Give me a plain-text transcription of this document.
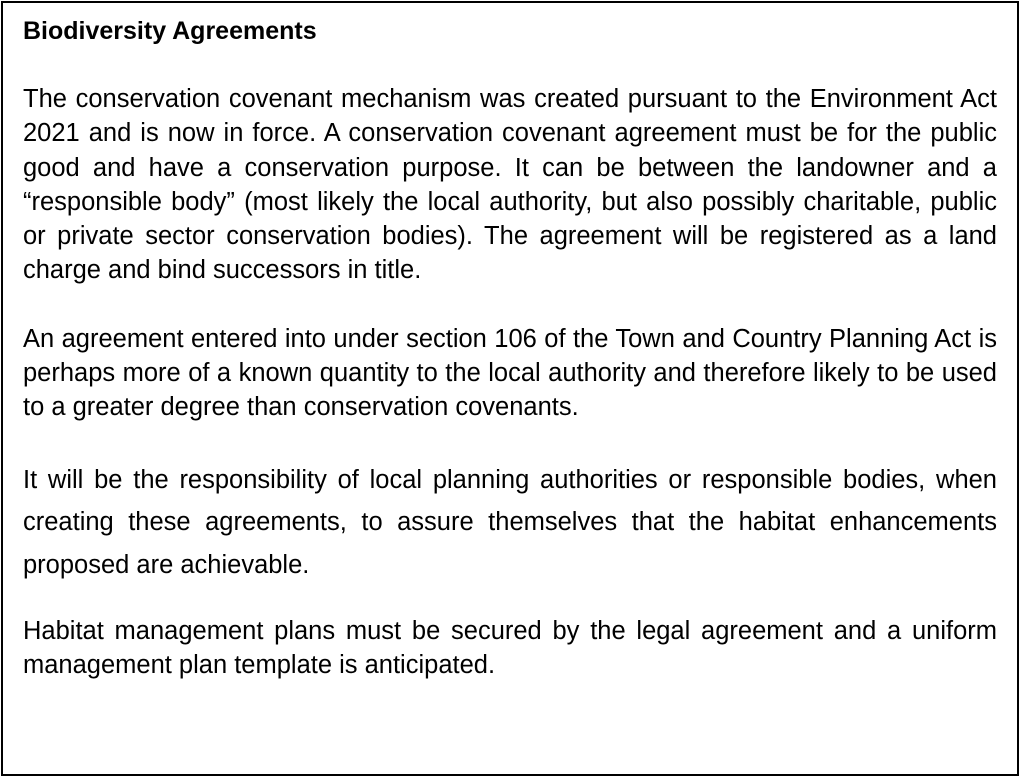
Biodiversity Agreements

The conservation covenant mechanism was created pursuant to the Environment Act 2021 and is now in force. A conservation covenant agreement must be for the public good and have a conservation purpose. It can be between the landowner and a “responsible body” (most likely the local authority, but also possibly charitable, public or private sector conservation bodies). The agreement will be registered as a land charge and bind successors in title.

An agreement entered into under section 106 of the Town and Country Planning Act is perhaps more of a known quantity to the local authority and therefore likely to be used to a greater degree than conservation covenants.

It will be the responsibility of local planning authorities or responsible bodies, when creating these agreements, to assure themselves that the habitat enhancements proposed are achievable.

Habitat management plans must be secured by the legal agreement and a uniform management plan template is anticipated.
